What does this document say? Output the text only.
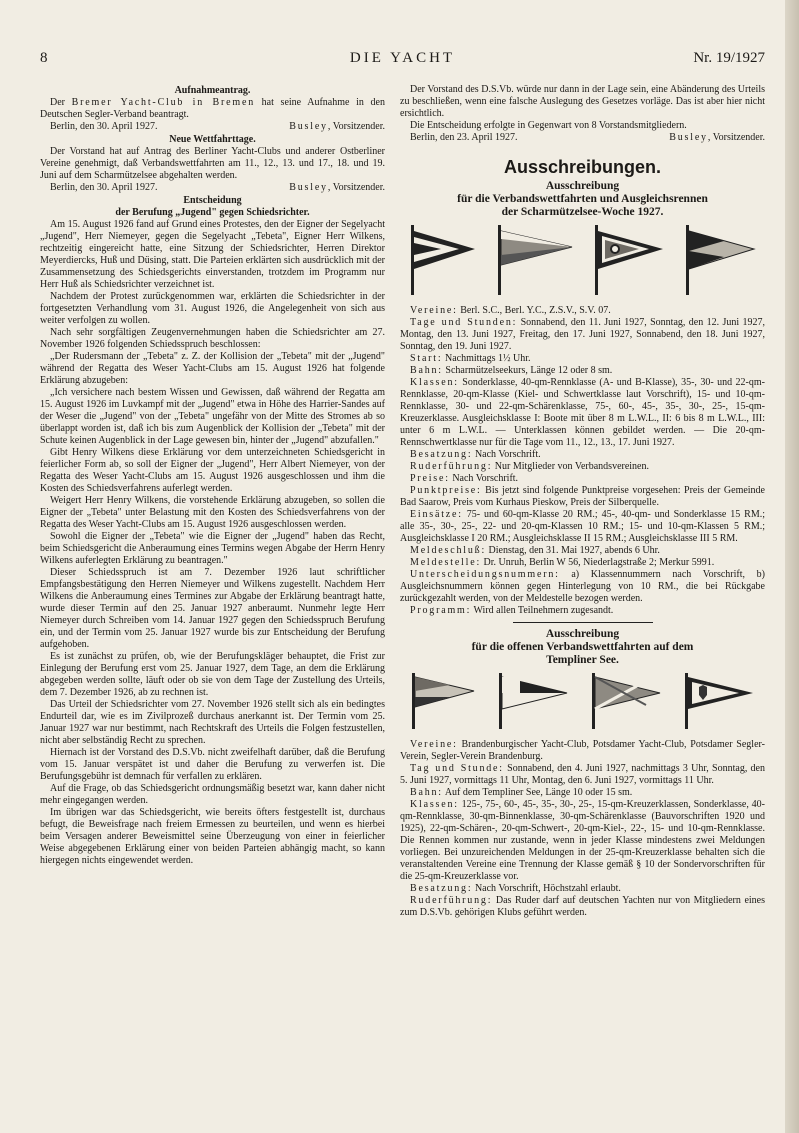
8	DIE YACHT	Nr. 19/1927
Aufnahmeantrag.

Der Bremer Yacht-Club in Bremen hat seine Aufnahme in den Deutschen Segler-Verband beantragt.

Berlin, den 30. April 1927.	Busley, Vorsitzender.
Neue Wettfahrttage.

Der Vorstand hat auf Antrag des Berliner Yacht-Clubs und anderer Ostberliner Vereine genehmigt, daß Verbandswettfahrten am 11., 12., 13. und 17., 18. und 19. Juni auf dem Scharmützelsee abgehalten werden.

Berlin, den 30. April 1927.	Busley, Vorsitzender.
Entscheidung
der Berufung „Jugend" gegen Schiedsrichter.

Am 15. August 1926 fand auf Grund eines Protestes, den der Eigner der Segelyacht „Jugend", Herr Niemeyer, gegen die Segelyacht „Tebeta", Eigner Herr Wilkens, rechtzeitig eingereicht hatte, eine Sitzung der Schiedsrichter, Herren Direktor Meyerdiercks, Huß und Düsing, statt. Die Parteien erklärten sich ausdrücklich mit der Zusammensetzung des Schiedsgerichts einverstanden, trotzdem im Programm nur Herr Huß als Schiedsrichter verzeichnet ist.

Nachdem der Protest zurückgenommen war, erklärten die Schiedsrichter in der fortgesetzten Verhandlung vom 31. August 1926, die Angelegenheit von sich aus weiter verfolgen zu wollen.

Nach sehr sorgfältigen Zeugenvernehmungen haben die Schiedsrichter am 27. November 1926 folgenden Schiedsspruch beschlossen:

„Der Rudersmann der „Tebeta" z. Z. der Kollision der „Tebeta" mit der „Jugend" während der Regatta des Weser Yacht-Clubs am 15. August 1926 hat folgende Erklärung abzugeben:

„Ich versichere nach bestem Wissen und Gewissen, daß während der Regatta am 15. August 1926 im Luvkampf mit der „Jugend" etwa in Höhe des Harrier-Sandes auf der Weser die „Jugend" von der „Tebeta" ungefähr von der Mitte des Stromes ab so überlappt worden ist, daß ich bis zum Augenblick der Kollision der „Tebeta" mit der Schute keinen Augenblick in der Lage gewesen bin, hinter der „Jugend" abzufallen."

Gibt Henry Wilkens diese Erklärung vor dem unterzeichneten Schiedsgericht in feierlicher Form ab, so soll der Eigner der „Jugend", Herr Albert Niemeyer, von der Regatta des Weser Yacht-Clubs am 15. August 1926 ausgeschlossen und ihm die Kosten des Schiedsverfahrens auferlegt werden.

Weigert Herr Henry Wilkens, die vorstehende Erklärung abzugeben, so sollen die Eigner der „Tebeta" unter Belastung mit den Kosten des Schiedsverfahrens von der Regatta des Weser Yacht-Clubs am 15. August 1926 ausgeschlossen werden.

Sowohl die Eigner der „Tebeta" wie die Eigner der „Jugend" haben das Recht, beim Schiedsgericht die Anberaumung eines Termins wegen Abgabe der Herrn Henry Wilkens auferlegten Erklärung zu beantragen."

Dieser Schiedsspruch ist am 7. Dezember 1926 laut schriftlicher Empfangsbestätigung den Herren Niemeyer und Wilkens zugestellt. Nachdem Herr Wilkens die Anberaumung eines Termines zur Abgabe der Erklärung beantragt hatte, wurde dieser Termin auf den 25. Januar 1927 anberaumt. Nunmehr legte Herr Niemeyer durch Schreiben vom 14. Januar 1927 gegen den Schiedsspruch Berufung ein, und der Termin vom 25. Januar 1927 wurde bis zur Entscheidung der Berufung aufgehoben.

Es ist zunächst zu prüfen, ob, wie der Berufungskläger behauptet, die Frist zur Einlegung der Berufung erst vom 25. Januar 1927, dem Tage, an dem die Erklärung abgegeben werden sollte, läuft oder ob sie von dem Tage der Zustellung des Urteils, dem 7. Dezember 1926, ab zu rechnen ist.

Das Urteil der Schiedsrichter vom 27. November 1926 stellt sich als ein bedingtes Endurteil dar, wie es im Zivilprozeß durchaus anerkannt ist. Der Termin vom 25. Januar 1927 war nur bestimmt, nach Rechtskraft des Urteils die Folgen festzustellen, nicht aber selbständig Recht zu sprechen.

Hiernach ist der Vorstand des D.S.Vb. nicht zweifelhaft darüber, daß die Berufung vom 15. Januar verspätet ist und daher die Berufung zu verwerfen ist. Die Berufungsgebühr ist demnach für verfallen zu erklären.

Auf die Frage, ob das Schiedsgericht ordnungsmäßig besetzt war, kann daher nicht mehr eingegangen werden.

Im übrigen war das Schiedsgericht, wie bereits öfters festgestellt ist, durchaus befugt, die Beweisfrage nach freiem Ermessen zu beurteilen, und wenn es hierbei beim Versagen anderer Beweismittel seine Überzeugung von einer in feierlicher Weise abgegebenen Erklärung einer von beiden Parteien abhängig macht, so kann hiergegen nichts eingewendet werden.

Der Vorstand des D.S.Vb. würde nur dann in der Lage sein, eine Abänderung des Urteils zu beschließen, wenn eine falsche Auslegung des Gesetzes vorläge. Das ist aber hier nicht ersichtlich.

Die Entscheidung erfolgte in Gegenwart von 8 Vorstandsmitgliedern.

Berlin, den 23. April 1927.	Busley, Vorsitzender.
Ausschreibungen.
Ausschreibung
für die Verbandswettfahrten und Ausgleichsrennen
der Scharmützelsee-Woche 1927.

Vereine: Berl. S.C., Berl. Y.C., Z.S.V., S.V. 07.

Tage und Stunden: Sonnabend, den 11. Juni 1927, Sonntag, den 12. Juni 1927, Montag, den 13. Juni 1927, Freitag, den 17. Juni 1927, Sonnabend, den 18. Juni 1927, Sonntag, den 19. Juni 1927.

Start: Nachmittags 1½ Uhr.

Bahn: Scharmützelseekurs, Länge 12 oder 8 sm.

Klassen: Sonderklasse, 40-qm-Rennklasse (A- und B-Klasse), 35-, 30- und 22-qm-Rennklasse, 20-qm-Klasse (Kiel- und Schwertklasse laut Vorschrift), 15- und 10-qm-Rennklasse, 30- und 22-qm-Schärenklasse, 75-, 60-, 45-, 35-, 30-, 25-, 15-qm-Kreuzerklasse. Ausgleichsklasse I: Boote mit über 8 m L.W.L., II: 6 bis 8 m L.W.L., III: unter 6 m L.W.L. — Unterklassen können gebildet werden. — Die 20-qm-Rennschwertklasse nur für die Tage vom 11., 12., 13., 17. Juni 1927.

Besatzung: Nach Vorschrift.

Ruderführung: Nur Mitglieder von Verbandsvereinen.

Preise: Nach Vorschrift.

Punktpreise: Bis jetzt sind folgende Punktpreise vorgesehen: Preis der Gemeinde Bad Saarow, Preis vom Kurhaus Pieskow, Preis der Silberquelle.

Einsätze: 75- und 60-qm-Klasse 20 RM.; 45-, 40-qm- und Sonderklasse 15 RM.; alle 35-, 30-, 25-, 22- und 20-qm-Klassen 10 RM.; 15- und 10-qm-Klassen 5 RM.; Ausgleichsklasse I 20 RM.; Ausgleichsklasse II 15 RM.; Ausgleichsklasse III 5 RM.

Meldeschluß: Dienstag, den 31. Mai 1927, abends 6 Uhr.

Meldestelle: Dr. Unruh, Berlin W 56, Niederlagstraße 2; Merkur 5991.

Unterscheidungsnummern: a) Klassennummern nach Vorschrift, b) Ausgleichsnummern können gegen Hinterlegung von 10 RM., die bei Rückgabe zurückgezahlt werden, von der Meldestelle bezogen werden.

Programm: Wird allen Teilnehmern zugesandt.

Ausschreibung
für die offenen Verbandswettfahrten auf dem
Templiner See.

Vereine: Brandenburgischer Yacht-Club, Potsdamer Yacht-Club, Potsdamer Segler-Verein, Segler-Verein Brandenburg.

Tag und Stunde: Sonnabend, den 4. Juni 1927, nachmittags 3 Uhr, Sonntag, den 5. Juni 1927, vormittags 11 Uhr, Montag, den 6. Juni 1927, vormittags 11 Uhr.

Bahn: Auf dem Templiner See, Länge 10 oder 15 sm.

Klassen: 125-, 75-, 60-, 45-, 35-, 30-, 25-, 15-qm-Kreuzerklassen, Sonderklasse, 40-qm-Rennklasse, 30-qm-Binnenklasse, 30-qm-Schärenklasse (Bauvorschriften 1920 und 1925), 22-qm-Schären-, 20-qm-Schwert-, 20-qm-Kiel-, 22-, 15- und 10-qm-Rennklasse. Die Rennen kommen nur zustande, wenn in jeder Klasse mindestens zwei Meldungen vorliegen. Bei unzureichenden Meldungen in der 25-qm-Kreuzerklasse behalten sich die veranstaltenden Vereine eine Trennung der Klasse gemäß § 10 der Sondervorschriften für die 25-qm-Kreuzerklasse vor.

Besatzung: Nach Vorschrift, Höchstzahl erlaubt.

Ruderführung: Das Ruder darf auf deutschen Yachten nur von Mitgliedern eines zum D.S.Vb. gehörigen Klubs geführt werden.
